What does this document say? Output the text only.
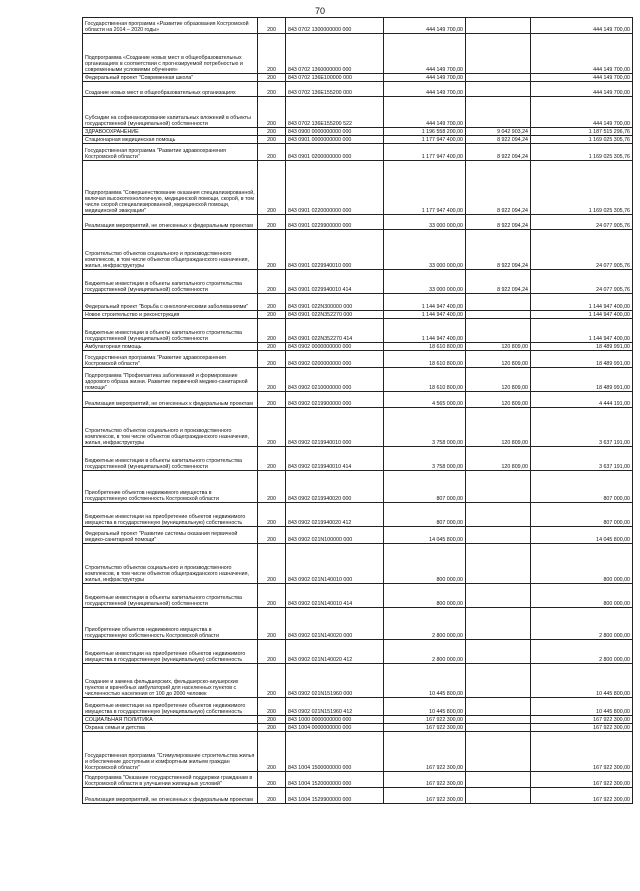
70
Государственная программа «Развитие образования Костромской области на 2014 – 2020 годы»	200	843 0702 1300000000 000	444 149 700,00		444 149 700,00
Подпрограмма «Создание новых мест в общеобразовательных организациях в соответствии с прогнозируемой потребностью и современными условиями обучения»	200	843 0702 1360000000 000	444 149 700,00		444 149 700,00
Федеральный проект "Современная школа"	200	843 0702 136E100000 000	444 149 700,00		444 149 700,00
Создание новых мест в общеобразовательных организациях	200	843 0702 136E155200 000	444 149 700,00		444 149 700,00
Субсидии на софинансирование капитальных вложений в объекты государственной (муниципальной) собственности	200	843 0702 136E155200 522	444 149 700,00		444 149 700,00
ЗДРАВООХРАНЕНИЕ	200	843 0900 0000000000 000	1 196 558 200,00	9 042 903,24	1 187 515 296,76
Стационарная медицинская помощь	200	843 0901 0000000000 000	1 177 947 400,00	8 922 094,24	1 169 025 305,76
Государственная программа "Развитие здравоохранения Костромской области"	200	843 0901 0200000000 000	1 177 947 400,00	8 922 094,24	1 169 025 305,76
Подпрограмма "Совершенствование оказания специализированной, включая высокотехнологичную, медицинской помощи, скорой, в том числе скорой специализированной, медицинской помощи, медицинской эвакуации"	200	843 0901 0220000000 000	1 177 947 400,00	8 922 094,24	1 169 025 305,76
Реализация мероприятий, не отнесенных к федеральным проектам	200	843 0901 0229900000 000	33 000 000,00	8 922 094,24	24 077 905,76
Строительство объектов социального и производственного комплексов, в том числе объектов общегражданского назначения, жилья, инфраструктуры	200	843 0901 0229940010 000	33 000 000,00	8 922 094,24	24 077 905,76
Бюджетные инвестиции в объекты капитального строительства государственной (муниципальной) собственности	200	843 0901 0229940010 414	33 000 000,00	8 922 094,24	24 077 905,76
Федеральный проект "Борьба с онкологическими заболеваниями"	200	843 0901 022N300000 000	1 144 947 400,00		1 144 947 400,00
Новое строительство и реконструкция	200	843 0901 022N352270 000	1 144 947 400,00		1 144 947 400,00
Бюджетные инвестиции в объекты капитального строительства государственной (муниципальной) собственности	200	843 0901 022N352270 414	1 144 947 400,00		1 144 947 400,00
Амбулаторная помощь	200	843 0902 0000000000 000	18 610 800,00	120 809,00	18 489 991,00
Государственная программа "Развитие здравоохранения Костромской области"	200	843 0902 0200000000 000	18 610 800,00	120 809,00	18 489 991,00
Подпрограмма "Профилактика заболеваний и формирование здорового образа жизни. Развитие первичной медико-санитарной помощи"	200	843 0902 0210000000 000	18 610 800,00	120 809,00	18 489 991,00
Реализация мероприятий, не отнесенных к федеральным проектам	200	843 0902 0219900000 000	4 565 000,00	120 809,00	4 444 191,00
Строительство объектов социального и производственного комплексов, в том числе объектов общегражданского назначения, жилья, инфраструктуры	200	843 0902 0219940010 000	3 758 000,00	120 809,00	3 637 191,00
Бюджетные инвестиции в объекты капитального строительства государственной (муниципальной) собственности	200	843 0902 0219940010 414	3 758 000,00	120 809,00	3 637 191,00
Приобретение объектов недвижимого имущества в государственную собственность Костромской области	200	843 0902 0219940020 000	807 000,00		807 000,00
Бюджетные инвестиции на приобретение объектов недвижимого имущества в государственную (муниципальную) собственность	200	843 0902 0219940020 412	807 000,00		807 000,00
Федеральный проект "Развитие системы оказания первичной медико-санитарной помощи"	200	843 0902 021N100000 000	14 045 800,00		14 045 800,00
Строительство объектов социального и производственного комплексов, в том числе объектов общегражданского назначения, жилья, инфраструктуры	200	843 0902 021N140010 000	800 000,00		800 000,00
Бюджетные инвестиции в объекты капитального строительства государственной (муниципальной) собственности	200	843 0902 021N140010 414	800 000,00		800 000,00
Приобретение объектов недвижимого имущества в государственную собственность Костромской области	200	843 0902 021N140020 000	2 800 000,00		2 800 000,00
Бюджетные инвестиции на приобретение объектов недвижимого имущества в государственную (муниципальную) собственность	200	843 0902 021N140020 412	2 800 000,00		2 800 000,00
Создание и замена фельдшерских, фельдшерско-акушерских пунктов и врачебных амбулаторий для населенных пунктов с численностью населения от 100 до 2000 человек	200	843 0902 021N151960 000	10 445 800,00		10 445 800,00
Бюджетные инвестиции на приобретение объектов недвижимого имущества в государственную (муниципальную) собственность	200	843 0902 021N151960 412	10 445 800,00		10 445 800,00
СОЦИАЛЬНАЯ ПОЛИТИКА	200	843 1000 0000000000 000	167 922 300,00		167 922 300,00
Охрана семьи и детства	200	843 1004 0000000000 000	167 922 300,00		167 922 300,00
Государственная программа "Стимулирование строительства жилья и обеспечение доступным и комфортным жильем граждан Костромской области"	200	843 1004 1500000000 000	167 922 300,00		167 922 300,00
Подпрограмма "Оказание государственной поддержки гражданам в Костромской области в улучшении жилищных условий"	200	843 1004 1520000000 000	167 922 300,00		167 922 300,00
Реализация мероприятий, не отнесенных к федеральным проектам	200	843 1004 1529900000 000	167 922 300,00		167 922 300,00
